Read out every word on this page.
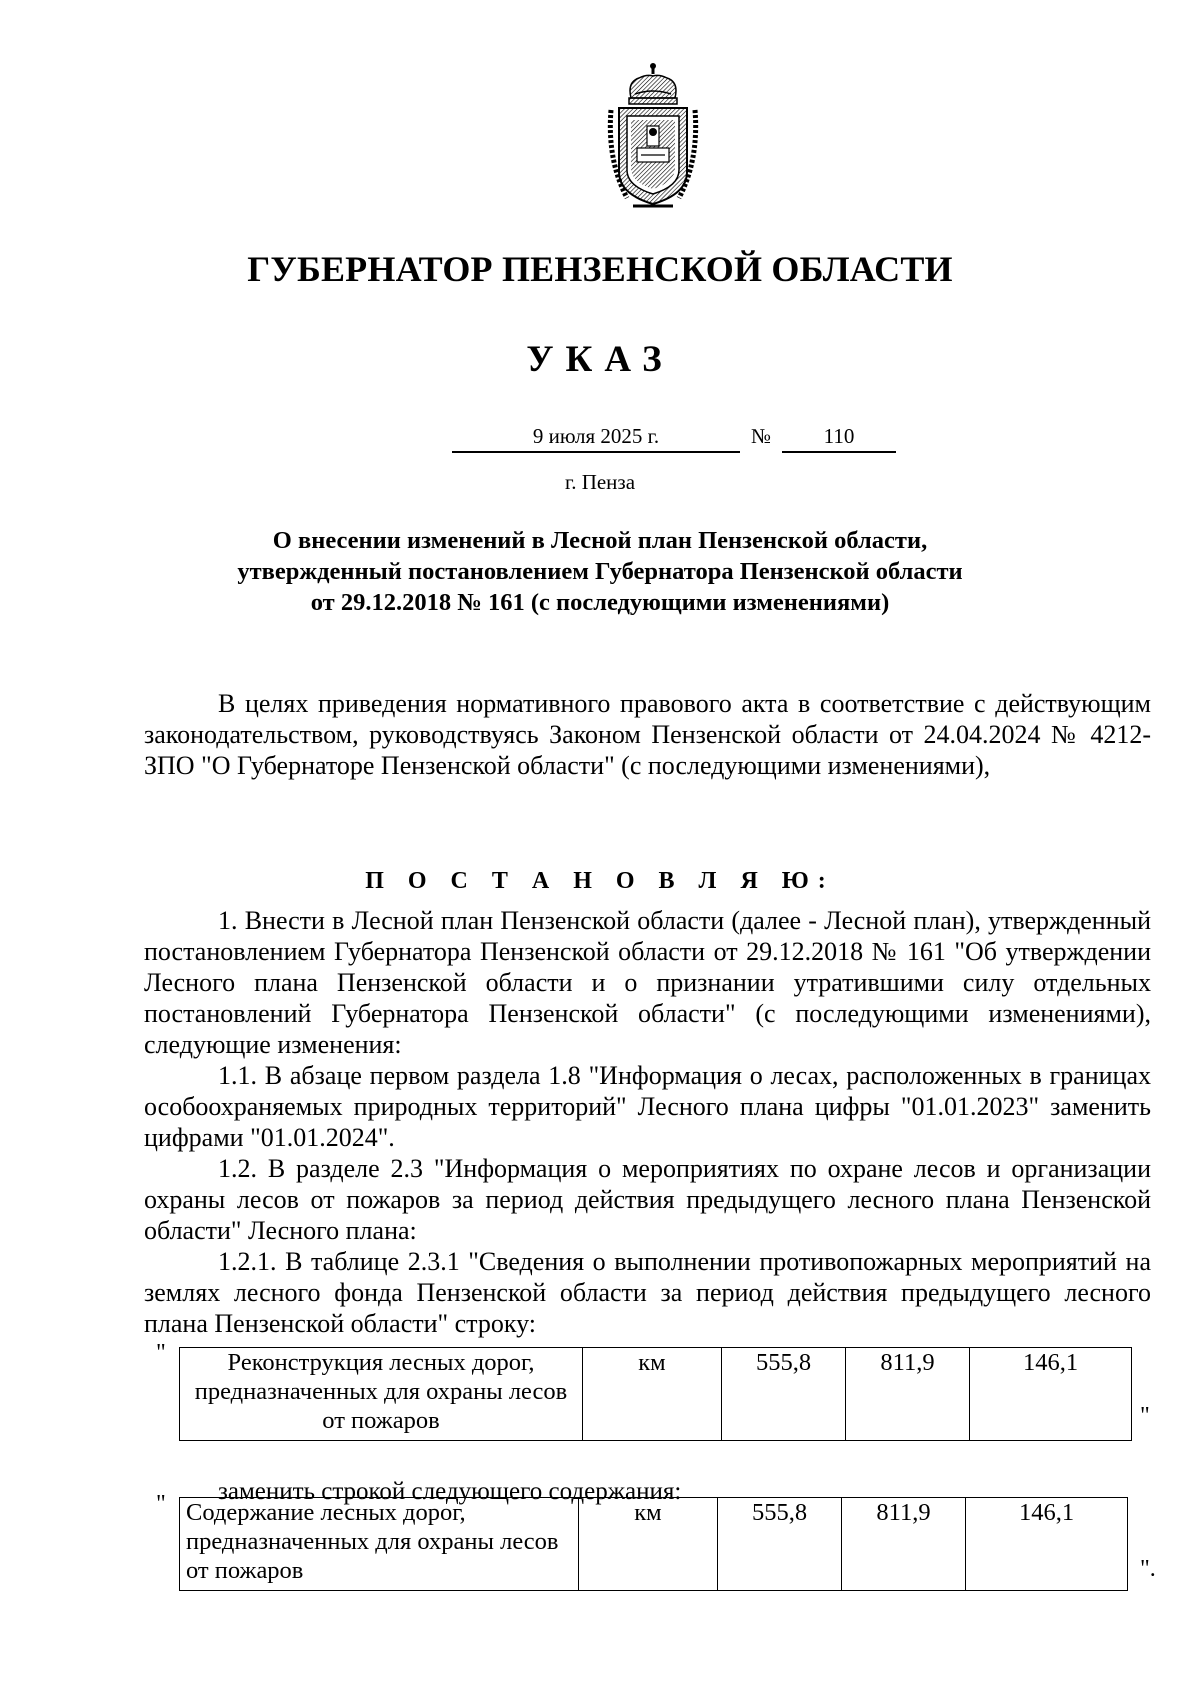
ГУБЕРНАТОР ПЕНЗЕНСКОЙ ОБЛАСТИ
УКАЗ
9 июля 2025 г.	№	110
г. Пенза
О внесении изменений в Лесной план Пензенской области,
утвержденный постановлением Губернатора Пензенской области
от 29.12.2018 № 161 (с последующими изменениями)

В целях приведения нормативного правового акта в соответствие с действующим законодательством, руководствуясь Законом Пензенской области от 24.04.2024 № 4212-ЗПО "О Губернаторе Пензенской области" (с последующими изменениями),

П О С Т А Н О В Л Я Ю:

1. Внести в Лесной план Пензенской области (далее - Лесной план), утвержденный постановлением Губернатора Пензенской области от 29.12.2018 № 161 "Об утверждении Лесного плана Пензенской области и о признании утратившими силу отдельных постановлений Губернатора Пензенской области" (с последующими изменениями), следующие изменения:

1.1. В абзаце первом раздела 1.8 "Информация о лесах, расположенных в границах особоохраняемых природных территорий" Лесного плана цифры "01.01.2023" заменить цифрами "01.01.2024".

1.2. В разделе 2.3 "Информация о мероприятиях по охране лесов и организации охраны лесов от пожаров за период действия предыдущего лесного плана Пензенской области" Лесного плана:

1.2.1. В таблице 2.3.1 "Сведения о выполнении противопожарных мероприятий на землях лесного фонда Пензенской области за период действия предыдущего лесного плана Пензенской области" строку:

"	Реконструкция лесных дорог, предназначенных для охраны лесов от пожаров	км	555,8	811,9	146,1
"
заменить строкой следующего содержания:
" Содержание лесных дорог, предназначенных для охраны лесов от пожаров	км	555,8	811,9	146,1
".
